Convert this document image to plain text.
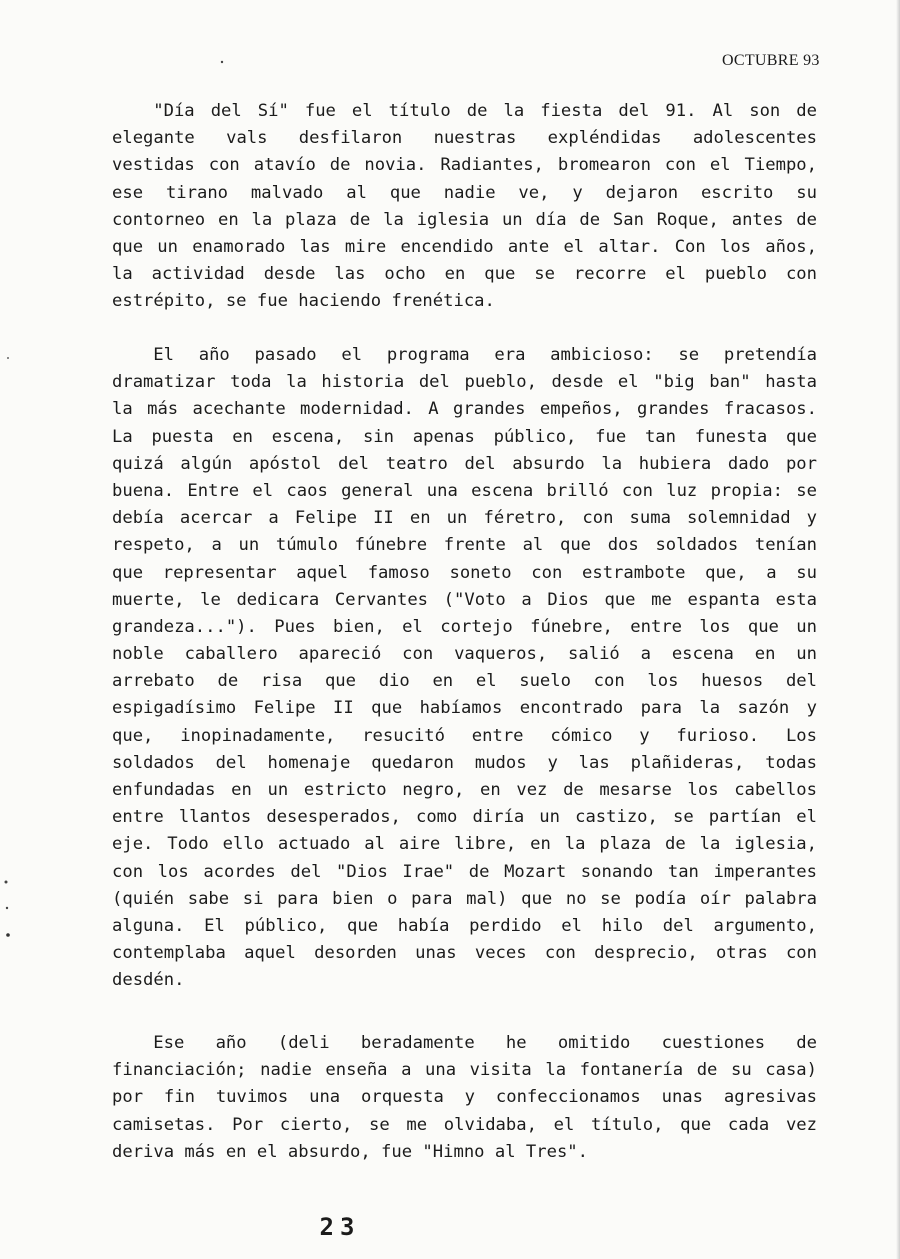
OCTUBRE 93
"Día del Sí" fue el título de la fiesta del 91. Al son de
elegante vals desfilaron nuestras expléndidas adolescentes
vestidas con atavío de novia. Radiantes, bromearon con el Tiempo,
ese tirano malvado al que nadie ve, y dejaron escrito su
contorneo en la plaza de la iglesia un día de San Roque, antes de
que un enamorado las mire encendido ante el altar. Con los años,
la actividad desde las ocho en que se recorre el pueblo con
estrépito, se fue haciendo frenética.
El año pasado el programa era ambicioso: se pretendía
dramatizar toda la historia del pueblo, desde el "big ban" hasta
la más acechante modernidad. A grandes empeños, grandes fracasos.
La puesta en escena, sin apenas público, fue tan funesta que
quizá algún apóstol del teatro del absurdo la hubiera dado por
buena. Entre el caos general una escena brilló con luz propia: se
debía acercar a Felipe II en un féretro, con suma solemnidad y
respeto, a un túmulo fúnebre frente al que dos soldados tenían
que representar aquel famoso soneto con estrambote que, a su
muerte, le dedicara Cervantes ("Voto a Dios que me espanta esta
grandeza..."). Pues bien, el cortejo fúnebre, entre los que un
noble caballero apareció con vaqueros, salió a escena en un
arrebato de risa que dio en el suelo con los huesos del
espigadísimo Felipe II que habíamos encontrado para la sazón y
que, inopinadamente, resucitó entre cómico y furioso. Los
soldados del homenaje quedaron mudos y las plañideras, todas
enfundadas en un estricto negro, en vez de mesarse los cabellos
entre llantos desesperados, como diría un castizo, se partían el
eje. Todo ello actuado al aire libre, en la plaza de la iglesia,
con los acordes del "Dios Irae" de Mozart sonando tan imperantes
(quién sabe si para bien o para mal) que no se podía oír palabra
alguna. El público, que había perdido el hilo del argumento,
contemplaba aquel desorden unas veces con desprecio, otras con
desdén.
Ese año (deli beradamente he omitido cuestiones de
financiación; nadie enseña a una visita la fontanería de su casa)
por fin tuvimos una orquesta y confeccionamos unas agresivas
camisetas. Por cierto, se me olvidaba, el título, que cada vez
deriva más en el absurdo, fue "Himno al Tres".
23
